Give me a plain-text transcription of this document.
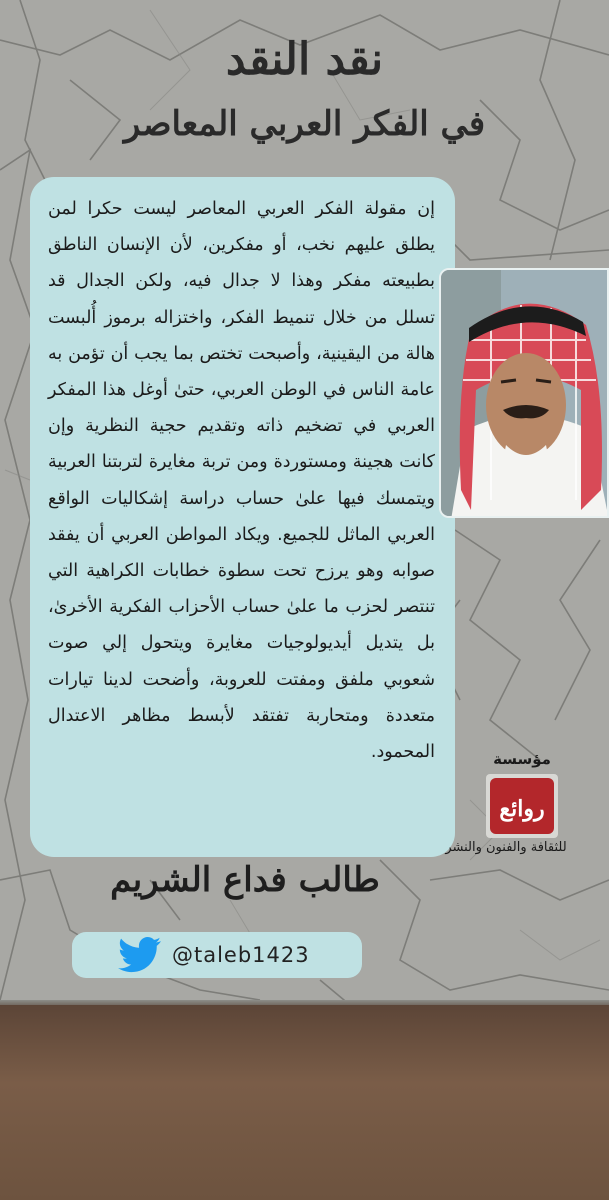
نقد النقد
في الفكر العربي المعاصر
إن مقولة الفكر العربي المعاصر ليست حكرا لمن يطلق عليهم نخب، أو مفكرين، لأن الإنسان الناطق بطبيعته مفكر وهذا لا جدال فيه، ولكن الجدال قد تسلل من خلال تنميط الفكر، واختزاله برموز أُلبست هالة من اليقينية، وأصبحت تختص بما يجب أن تؤمن به عامة الناس في الوطن العربي، حتىٰ أوغل هذا المفكر العربي في تضخيم ذاته وتقديم حجية النظرية وإن كانت هجينة ومستوردة ومن تربة مغايرة لتربتنا العربية ويتمسك فيها علىٰ حساب دراسة إشكاليات الواقع العربي الماثل للجميع. ويكاد المواطن العربي أن يفقد صوابه وهو يرزح تحت سطوة خطابات الكراهية التي تنتصر لحزب ما علىٰ حساب الأحزاب الفكرية الأخرىٰ، بل يتديل أيديولوجيات مغايرة ويتحول إلي صوت شعوبي ملفق ومفتت للعروبة، وأضحت لدينا تيارات متعددة ومتحاربة تفتقد لأبسط مظاهر الاعتدال المحمود.
طالب فداع الشريم
@taleb1423
مؤسسة
روائع
للثقافة والفنون والنشر
